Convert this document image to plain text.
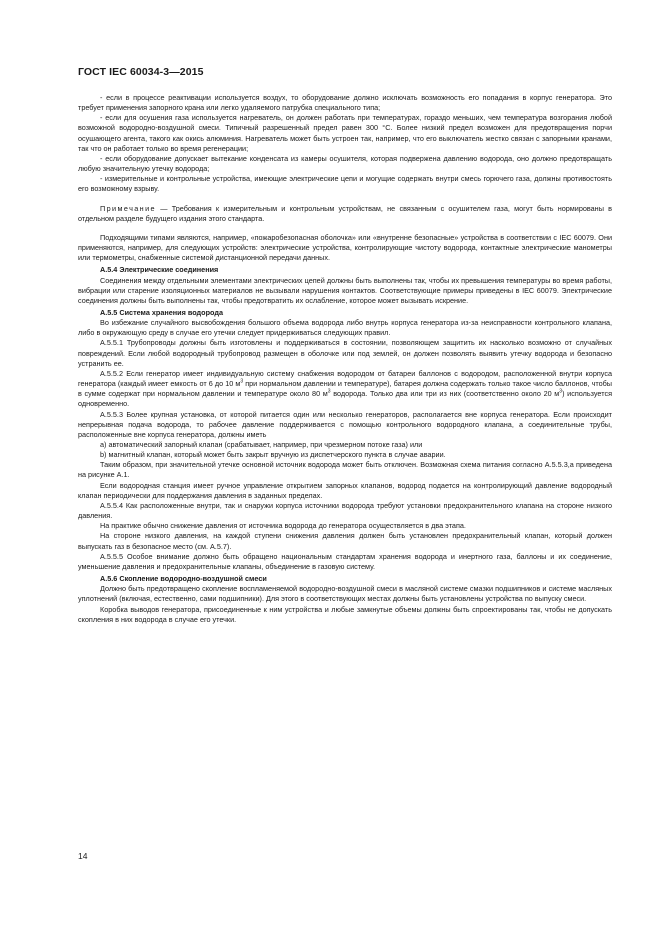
ГОСТ IEC 60034-3—2015

- если в процессе реактивации используется воздух, то оборудование должно исключать возможность его попадания в корпус генератора. Это требует применения запорного крана или легко удаляемого патрубка специального типа;

- если для осушения газа используется нагреватель, он должен работать при температурах, гораздо меньших, чем температура возгорания любой возможной водородно-воздушной смеси. Типичный разрешенный предел равен 300 °С. Более низкий предел возможен для предотвращения порчи осушающего агента, такого как окись алюминия. Нагреватель может быть устроен так, например, что его выключатель жестко связан с запорными кранами, так что он работает только во время регенерации;

- если оборудование допускает вытекание конденсата из камеры осушителя, которая подвержена давлению водорода, оно должно предотвращать любую значительную утечку водорода;

- измерительные и контрольные устройства, имеющие электрические цепи и могущие содержать внутри смесь горючего газа, должны противостоять его возможному взрыву.

Примечание — Требования к измерительным и контрольным устройствам, не связанным с осушителем газа, могут быть нормированы в отдельном разделе будущего издания этого стандарта.

Подходящими типами являются, например, «пожаробезопасная оболочка» или «внутренне безопасные» устройства в соответствии с IEC 60079. Они применяются, например, для следующих устройств: электрические устройства, контролирующие чистоту водорода, контактные электрические манометры или термометры, снабженные системой дистанционной передачи данных.

А.5.4 Электрические соединения

Соединения между отдельными элементами электрических цепей должны быть выполнены так, чтобы их превышения температуры во время работы, вибрации или старение изоляционных материалов не вызывали нарушения контактов. Соответствующие примеры приведены в IEC 60079. Электрические соединения должны быть выполнены так, чтобы предотвратить их ослабление, которое может вызывать искрение.

А.5.5 Система хранения водорода

Во избежание случайного высвобождения большого объема водорода либо внутрь корпуса генератора из-за неисправности контрольного клапана, либо в окружающую среду в случае его утечки следует придерживаться следующих правил.

А.5.5.1 Трубопроводы должны быть изготовлены и поддерживаться в состоянии, позволяющем защитить их насколько возможно от случайных повреждений. Если любой водородный трубопровод размещен в оболочке или под землей, он должен позволять выявить утечку водорода и безопасно устранить ее.

А.5.5.2 Если генератор имеет индивидуальную систему снабжения водородом от батареи баллонов с водородом, расположенной внутри корпуса генератора (каждый имеет емкость от 6 до 10 $м^3$ при нормальном давлении и температуре), батарея должна содержать только такое число баллонов, чтобы в сумме содержат при нормальном давлении и температуре около 80 $м^3$ водорода. Только два или три из них (соответственно около 20 $м^3$) используется одновременно.

А.5.5.3 Более крупная установка, от которой питается один или несколько генераторов, располагается вне корпуса генератора. Если происходит непрерывная подача водорода, то рабочее давление поддерживается с помощью контрольного водородного клапана, а соединительные трубы, расположенные вне корпуса генератора, должны иметь

а) автоматический запорный клапан (срабатывает, например, при чрезмерном потоке газа) или

b) магнитный клапан, который может быть закрыт вручную из диспетчерского пункта в случае аварии.

Таким образом, при значительной утечке основной источник водорода может быть отключен. Возможная схема питания согласно А.5.5.3,а приведена на рисунке А.1.

Если водородная станция имеет ручное управление открытием запорных клапанов, водород подается на контролирующий давление водородный клапан периодически для поддержания давления в заданных пределах.

А.5.5.4 Как расположенные внутри, так и снаружи корпуса источники водорода требуют установки предохранительного клапана на стороне низкого давления.

На практике обычно снижение давления от источника водорода до генератора осуществляется в два этапа.

На стороне низкого давления, на каждой ступени снижения давления должен быть установлен предохранительный клапан, который должен выпускать газ в безопасное место (см. А.5.7).

А.5.5.5 Особое внимание должно быть обращено национальным стандартам хранения водорода и инертного газа, баллоны и их соединение, уменьшение давления и предохранительные клапаны, объединение в газовую систему.

А.5.6 Скопление водородно-воздушной смеси

Должно быть предотвращено скопление воспламеняемой водородно-воздушной смеси в масляной системе смазки подшипников и системе масляных уплотнений (включая, естественно, сами подшипники). Для этого в соответствующих местах должны быть установлены устройства по выпуску смеси.

Коробка выводов генератора, присоединенные к ним устройства и любые замкнутые объемы должны быть спроектированы так, чтобы не допускать скопления в них водорода в случае его утечки.

14
